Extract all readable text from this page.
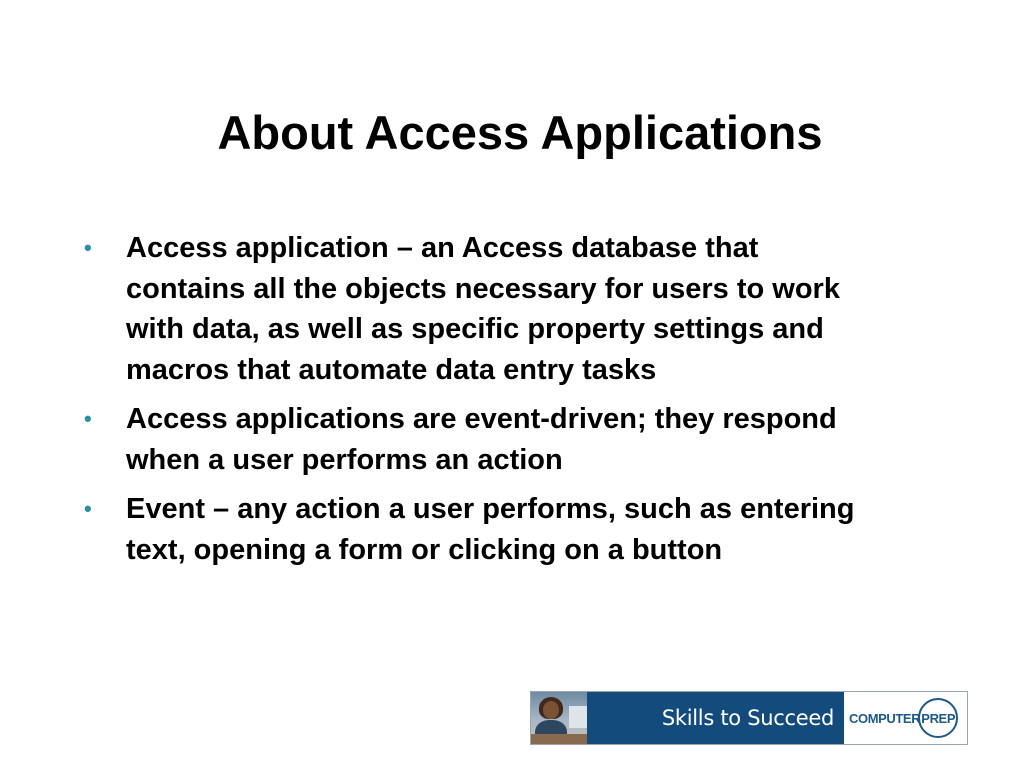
About Access Applications
•	Access application – an Access database that contains all the objects necessary for users to work with data, as well as specific property settings and macros that automate data entry tasks
•	Access applications are event-driven; they respond when a user performs an action
•	Event – any action a user performs, such as entering text, opening a form or clicking on a button
Skills to Succeed	COMPUTER PREP
